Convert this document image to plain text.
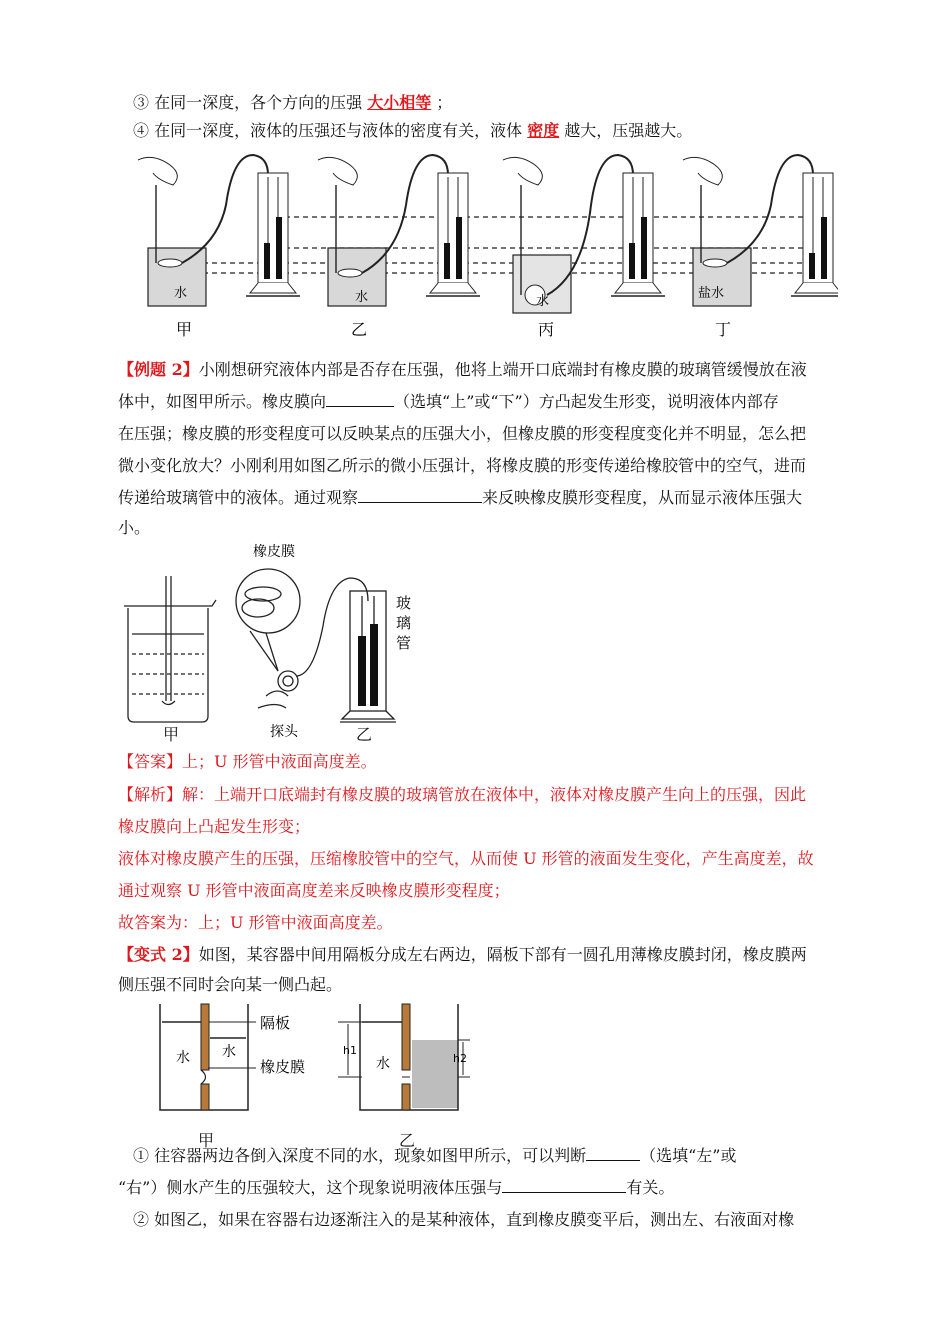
③ 在同一深度，各个方向的压强 大小相等 ；
④ 在同一深度，液体的压强还与液体的密度有关，液体 密度 越大，压强越大。
甲	乙	丙	丁
水	水	水
盐水
【例题 2】小刚想研究液体内部是否存在压强，他将上端开口底端封有橡皮膜的玻璃管缓慢放在液
体中，如图甲所示。橡皮膜向	（选填“上”或“下”）方凸起发生形变，说明液体内部存
在压强；橡皮膜的形变程度可以反映某点的压强大小，但橡皮膜的形变程度变化并不明显，怎么把
微小变化放大？小刚利用如图乙所示的微小压强计，将橡皮膜的形变传递给橡胶管中的空气，进而
传递给玻璃管中的液体。通过观察	来反映橡皮膜形变程度，从而显示液体压强大
小。
橡皮膜
玻
璃
管
探头
甲	乙
【答案】上；U 形管中液面高度差。
【解析】解：上端开口底端封有橡皮膜的玻璃管放在液体中，液体对橡皮膜产生向上的压强，因此
橡皮膜向上凸起发生形变；
液体对橡皮膜产生的压强，压缩橡胶管中的空气，从而使 U 形管的液面发生变化，产生高度差，故
通过观察 U 形管中液面高度差来反映橡皮膜形变程度；
故答案为：上；U 形管中液面高度差。
【变式 2】如图，某容器中间用隔板分成左右两边，隔板下部有一圆孔用薄橡皮膜封闭，橡皮膜两
侧压强不同时会向某一侧凸起。
隔板
橡皮膜
水 水	h1
h2
水
甲	乙
① 往容器两边各倒入深度不同的水，现象如图甲所示，可以判断	（选填“左”或
“右”）侧水产生的压强较大，这个现象说明液体压强与	有关。
② 如图乙，如果在容器右边逐渐注入的是某种液体，直到橡皮膜变平后，测出左、右液面对橡
